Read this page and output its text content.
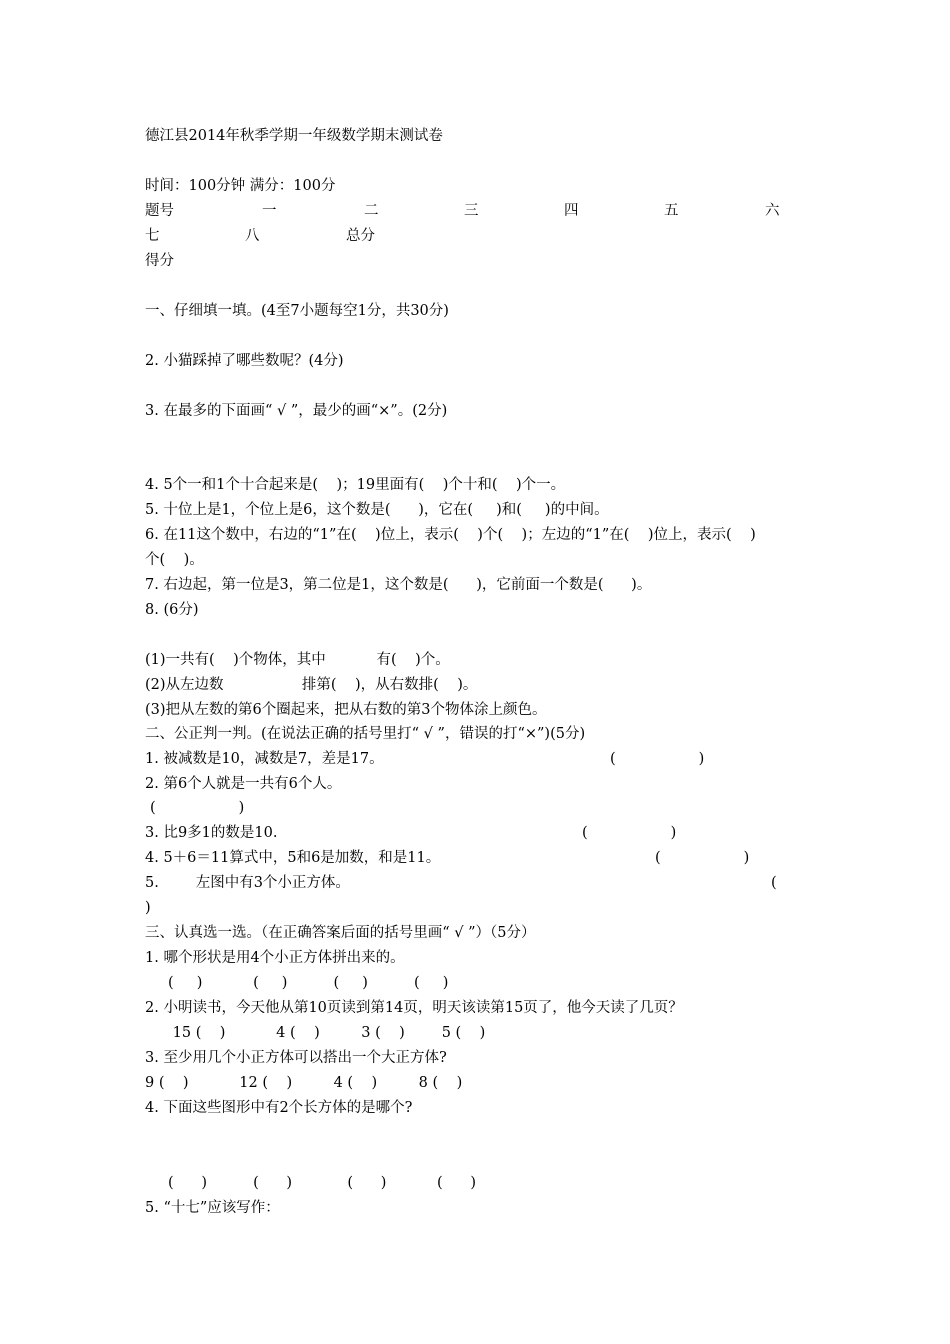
德江县2014年秋季学期一年级数学期末测试卷

时间：100分钟 满分：100分

题号	一	二	三	四	五	六
七	八	总分
得分

一、仔细填一填。(4至7小题每空1分，共30分)

2. 小猫踩掉了哪些数呢？(4分)

3. 在最多的下面画“ √ ”，最少的画“×”。(2分)

4. 5个一和1个十合起来是(    )；19里面有(    )个十和(    )个一。

5. 十位上是1，个位上是6，这个数是(      )，它在(     )和(     )的中间。

6. 在11这个数中，右边的“1”在(    )位上，表示(    )个(    )；左边的“1”在(    )位上，表示(    )

个(    )。

7. 右边起，第一位是3，第二位是1，这个数是(      )，它前面一个数是(      )。

8. (6分)

(1)一共有(    )个物体，其中           有(    )个。

(2)从左边数                 排第(    )，从右数排(    )。

(3)把从左数的第6个圈起来，把从右数的第3个物体涂上颜色。

二、公正判一判。(在说法正确的括号里打“ √ ”，错误的打“×”)(5分)

1. 被减数是10，减数是7，差是17。	(                  )

2. 第6个人就是一共有6个人。

(                  )

3. 比9多1的数是10.	(                  )

4. 5＋6＝11算式中，5和6是加数，和是11。	(                  )

5.        左图中有3个小正方体。	(
)

三、认真选一选。（在正确答案后面的括号里画“ √ ”）（5分）

1. 哪个形状是用4个小正方体拼出来的。

(     )           (     )          (     )          (     )

2. 小明读书，今天他从第10页读到第14页，明天该读第15页了，他今天读了几页？

15 (    )           4 (    )         3 (    )        5 (    )

3. 至少用几个小正方体可以搭出一个大正方体?

9 (    )           12 (    )         4 (    )         8 (    )

4. 下面这些图形中有2个长方体的是哪个?

(      )          (      )            (      )           (      )

5. “十七”应该写作：
